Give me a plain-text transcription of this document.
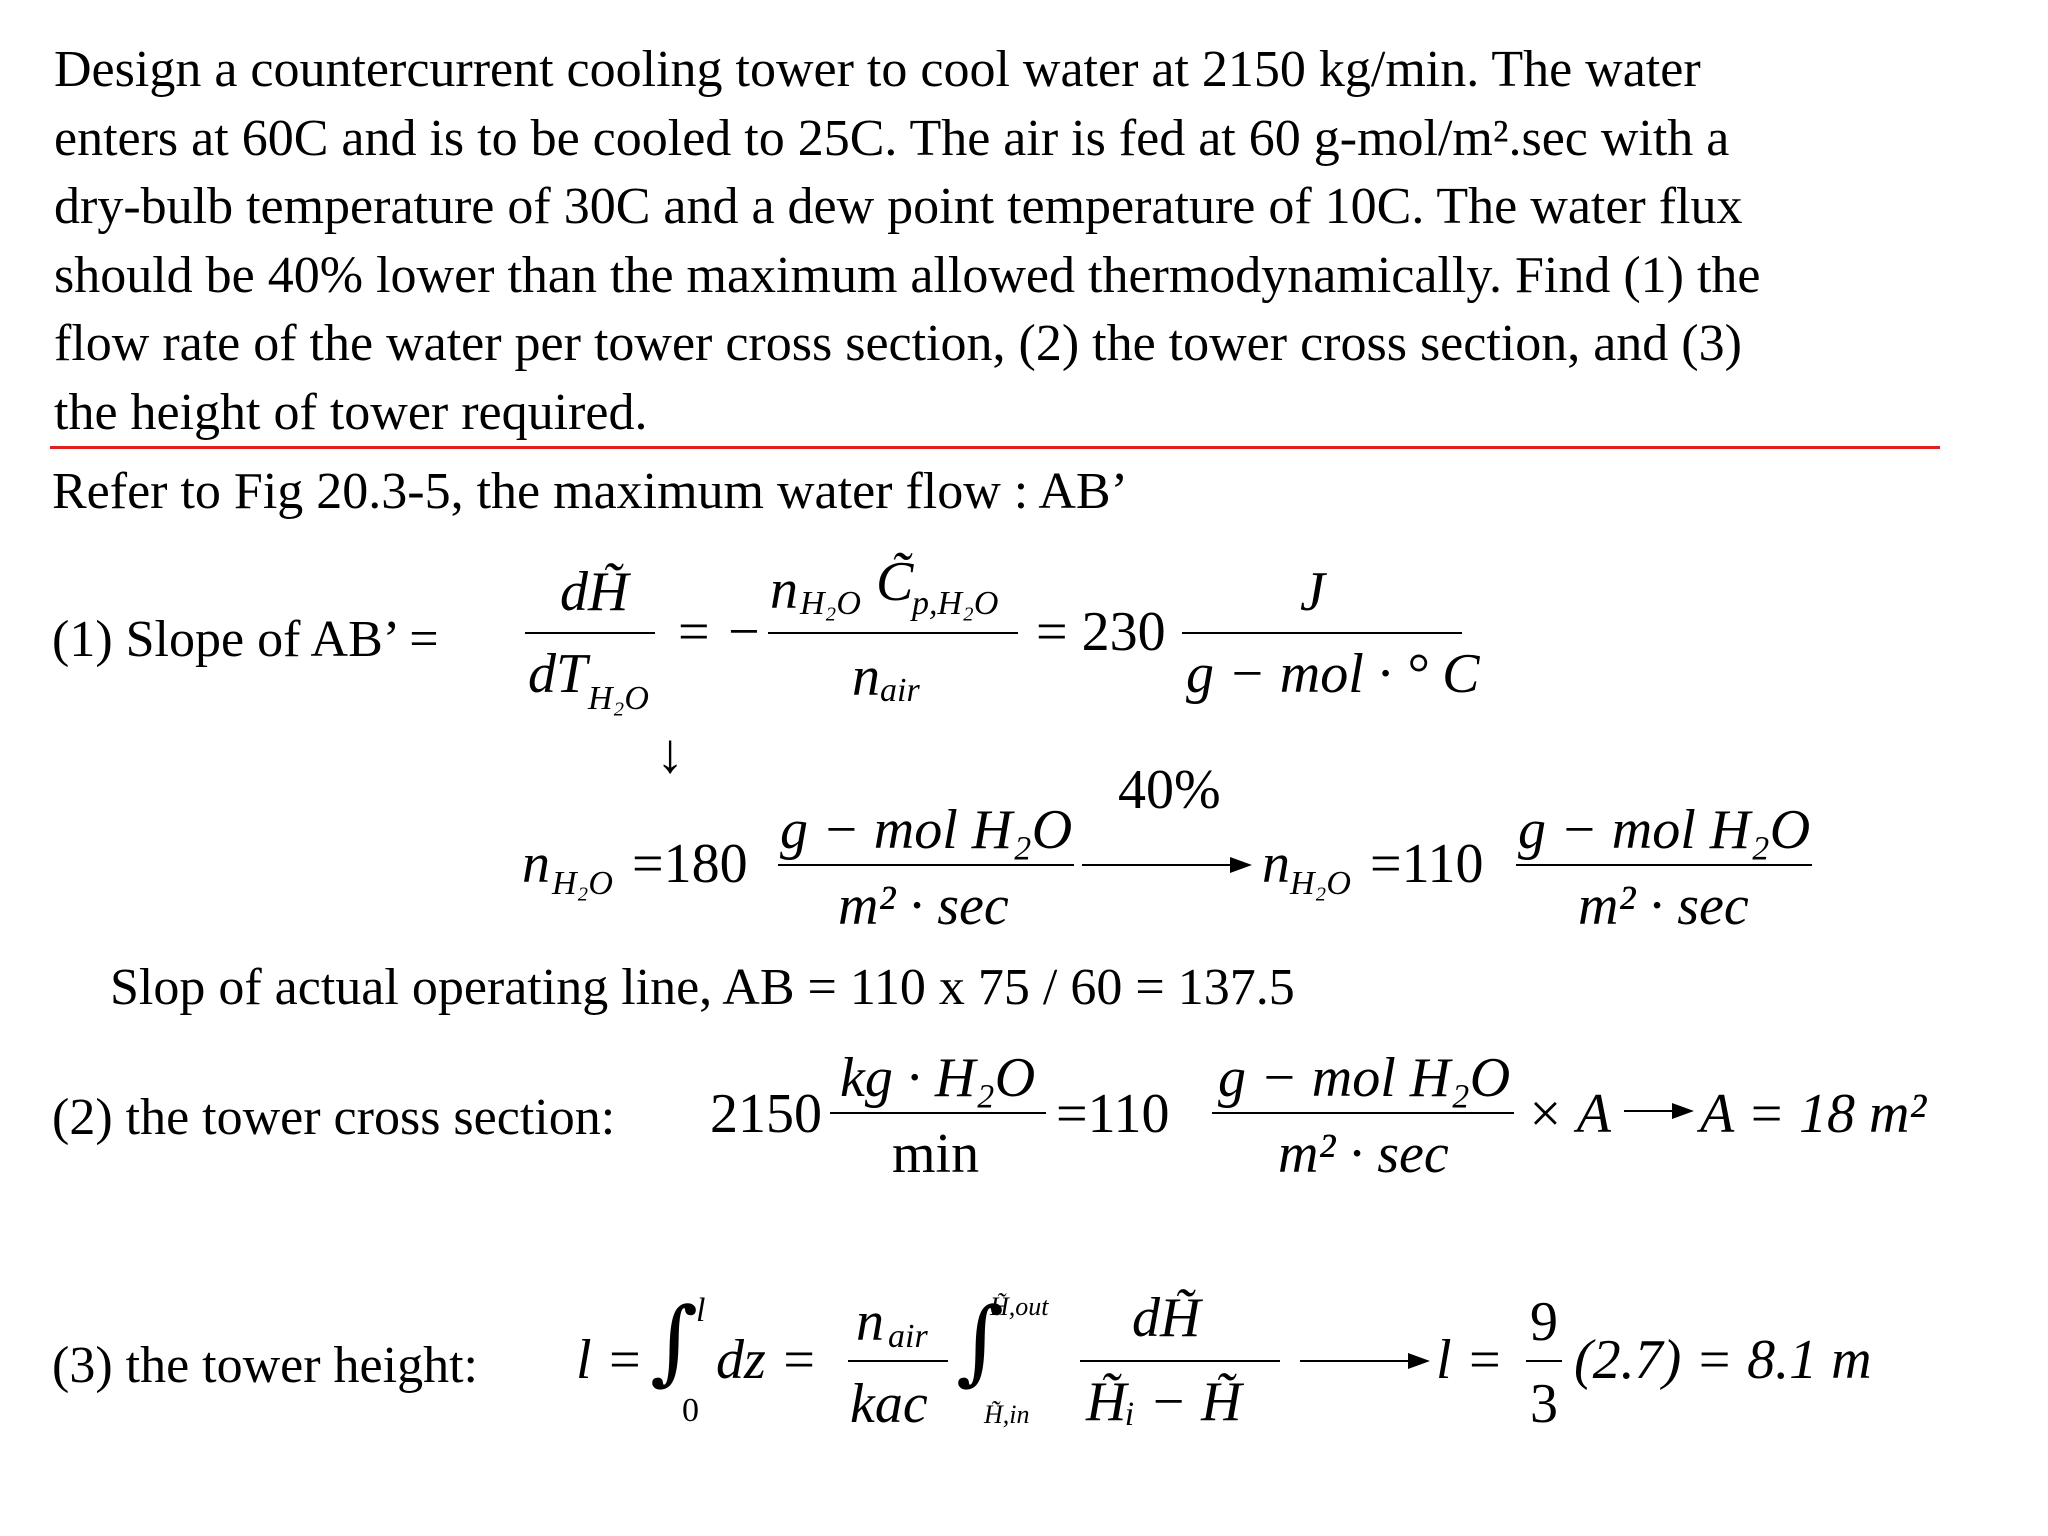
Design a countercurrent cooling tower to cool water at 2150 kg/min. The water
enters at 60C and is to be cooled to 25C. The air is fed at 60 g-mol/m².sec with a
dry-bulb temperature of 30C and a dew point temperature of 10C. The water flux
should be 40% lower than the maximum allowed thermodynamically. Find (1) the
flow rate of the water per tower cross section, (2) the tower cross section, and (3)
the height of tower required.
Refer to Fig 20.3-5, the maximum water flow : AB’
(1) Slope of AB’ =
dH̃
dT H₂O
= −
n H₂O C̃
p,H₂O
n air
= 230
J
g − mol · ° C
↓
n H₂O =180
g − mol H₂O
m² · sec
40%
n H₂O =110
g − mol H₂O
m² · sec
Slop of actual operating line, AB = 110 x 75 / 60 = 137.5
(2) the tower cross section: 2150
kg · H₂O
min
=110
g − mol H₂O
m² · sec
× A A = 18 m²
(3) the tower height: l = ∫
l
0
dz =
n air
kac
∫
H̃,out
H̃,in
dH̃
H̃ᵢ − H̃
l =
9
3
(2.7) = 8.1 m
